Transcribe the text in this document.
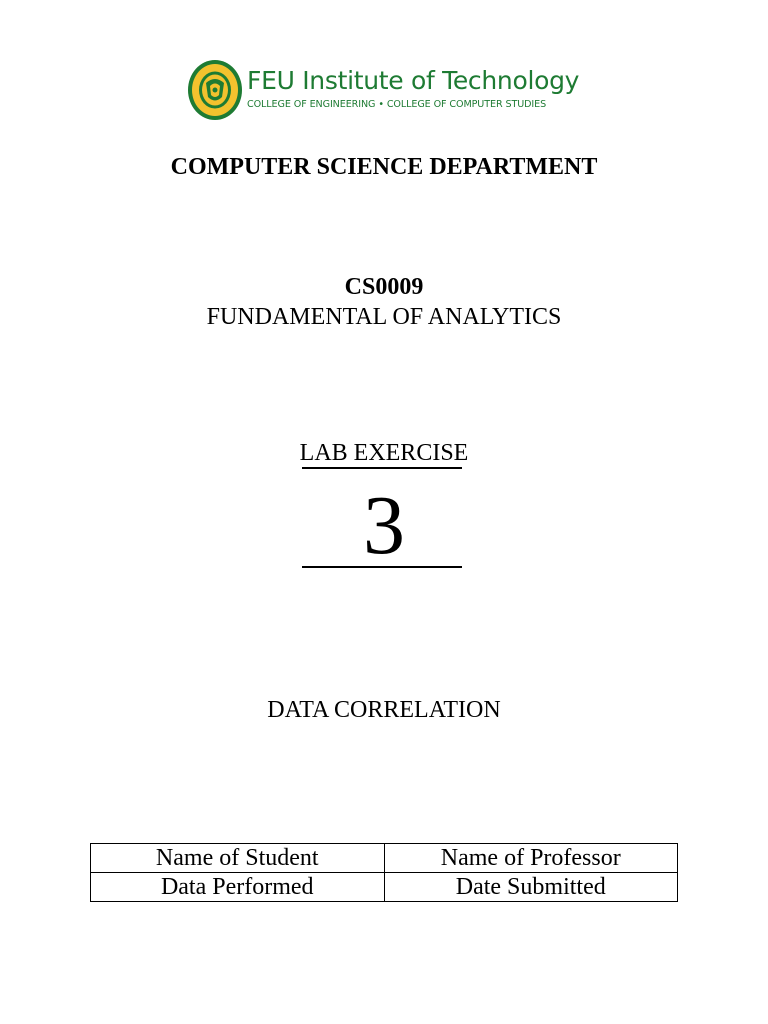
FEU Institute of Technology
COLLEGE OF ENGINEERING • COLLEGE OF COMPUTER STUDIES
COMPUTER SCIENCE DEPARTMENT
CS0009
FUNDAMENTAL OF ANALYTICS
LAB EXERCISE
3
DATA CORRELATION
Name of Student	Name of Professor
Data Performed	Date Submitted
